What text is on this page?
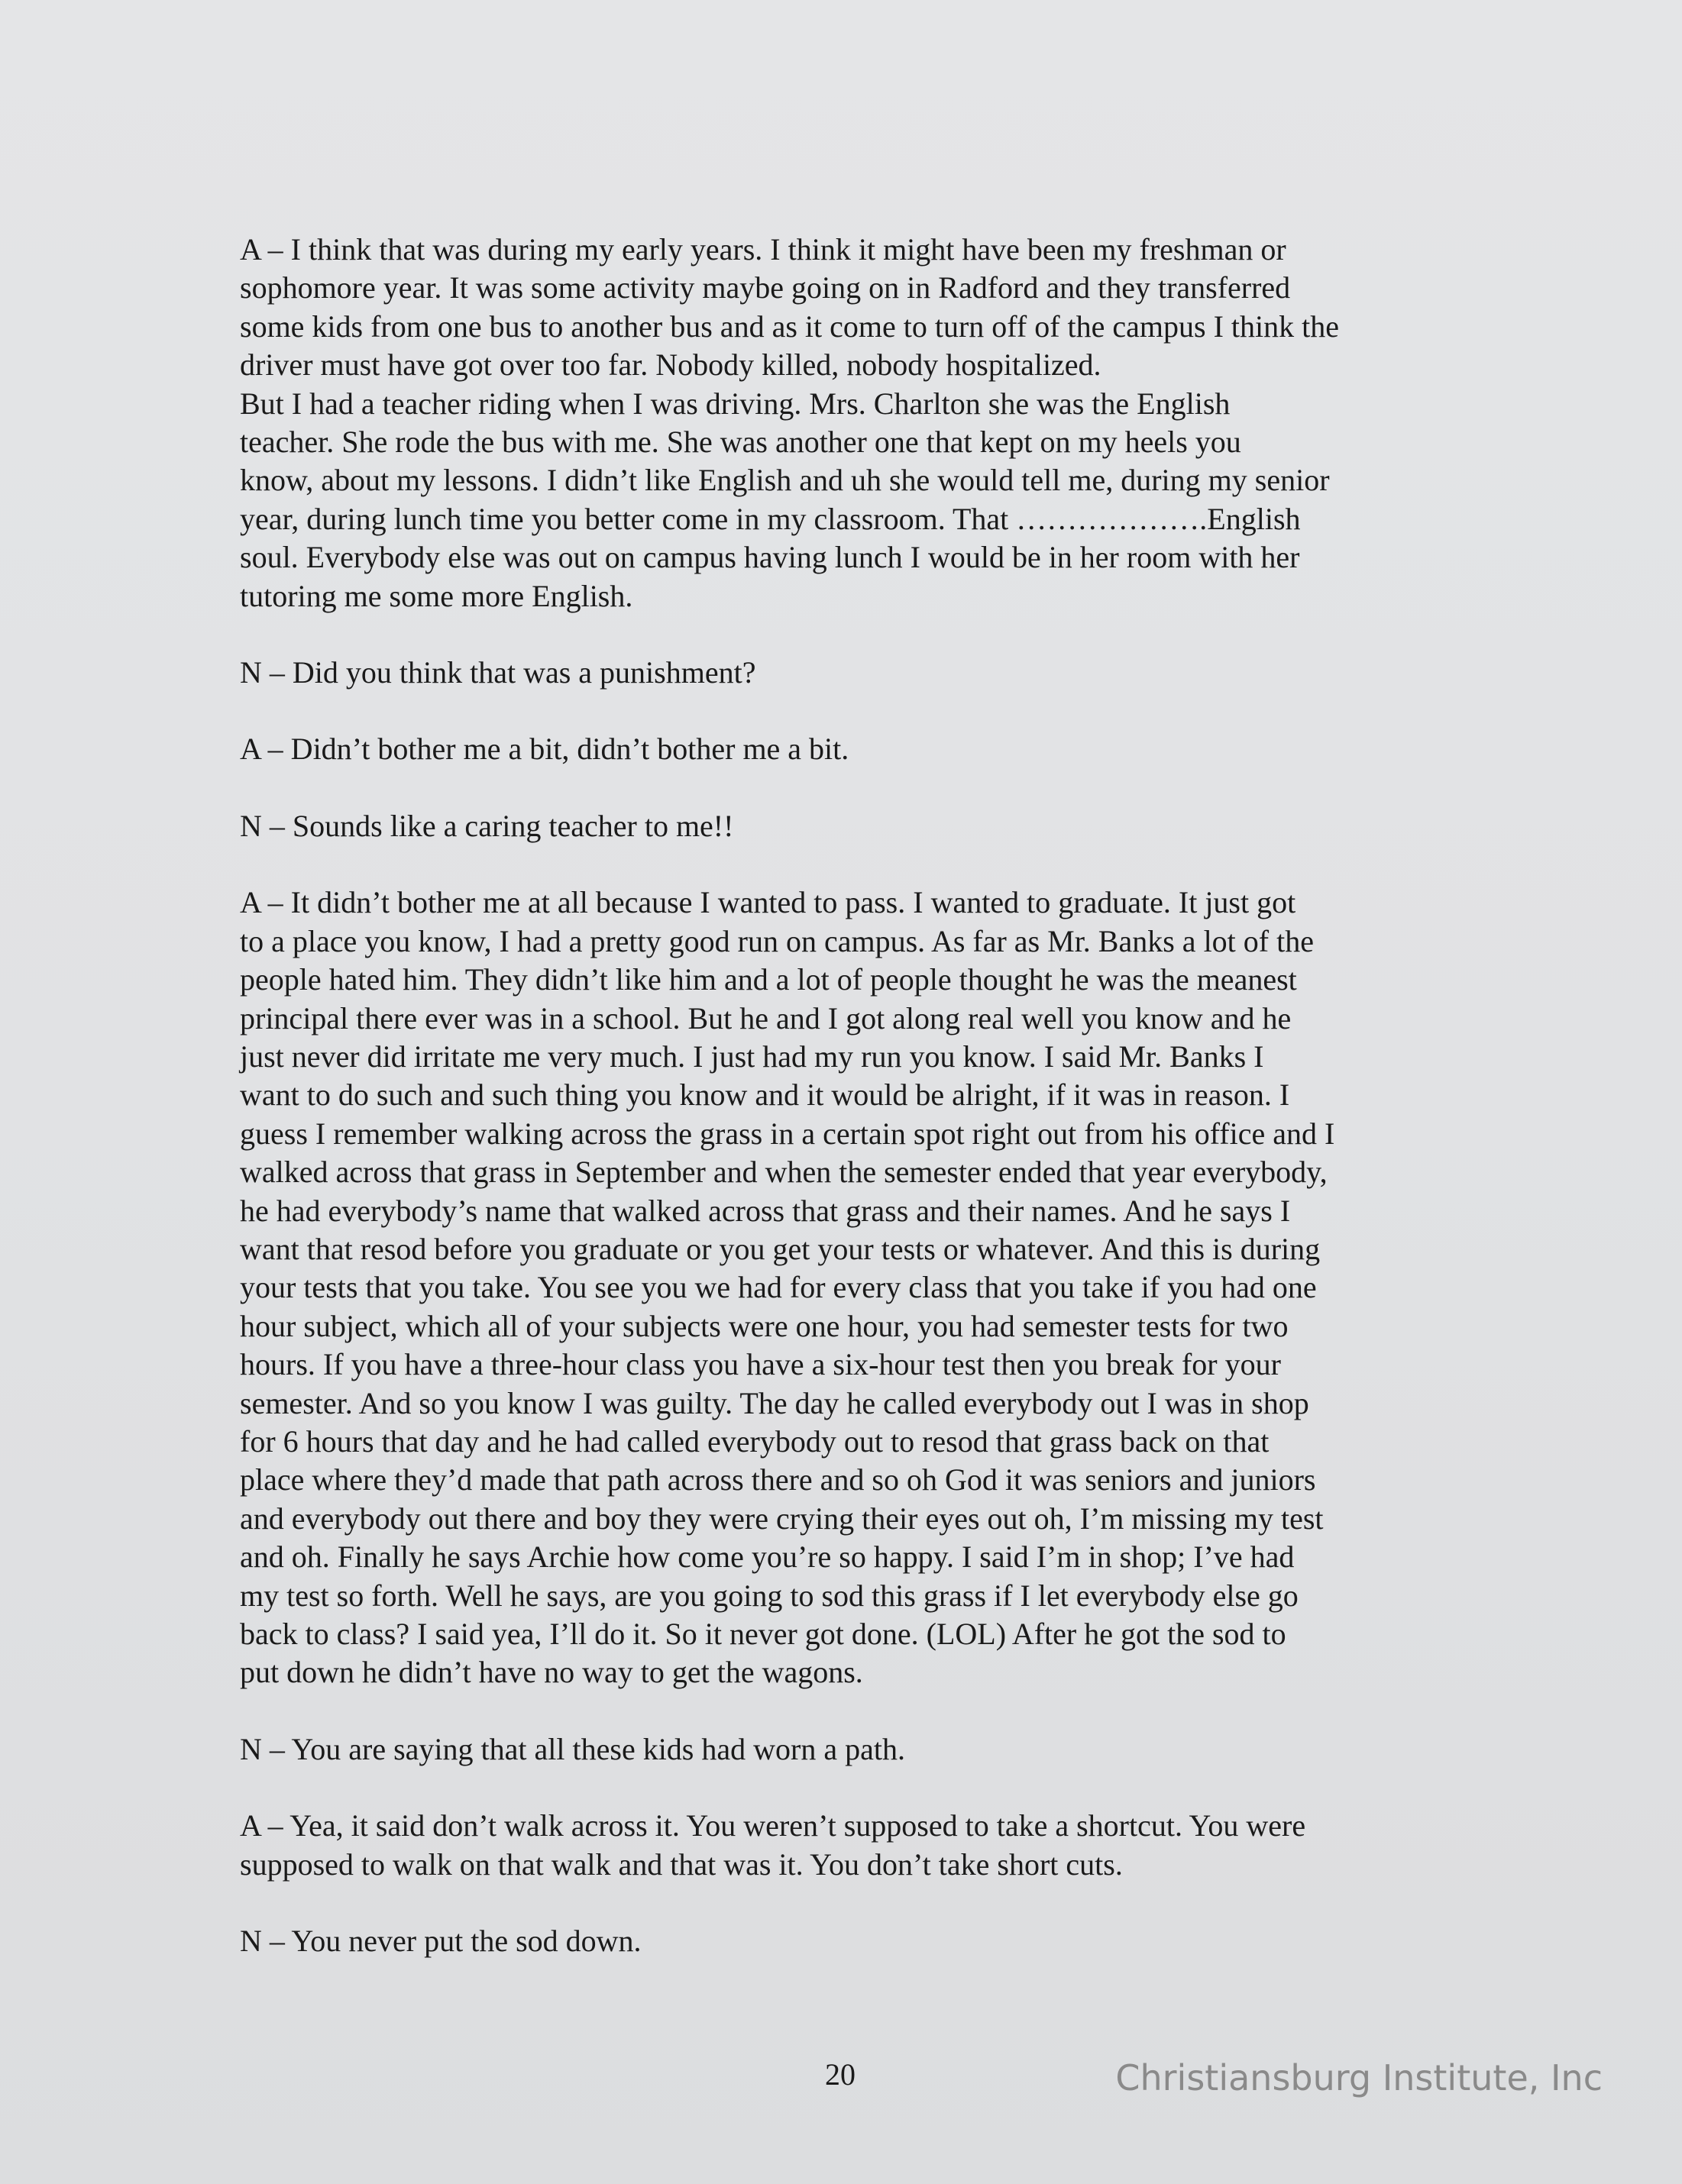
A – I think that was during my early years. I think it might have been my freshman or
sophomore year. It was some activity maybe going on in Radford and they transferred
some kids from one bus to another bus and as it come to turn off of the campus I think the
driver must have got over too far. Nobody killed, nobody hospitalized.
But I had a teacher riding when I was driving. Mrs. Charlton she was the English
teacher. She rode the bus with me. She was another one that kept on my heels you
know, about my lessons. I didn’t like English and uh she would tell me, during my senior
year, during lunch time you better come in my classroom. That ……………….English
soul. Everybody else was out on campus having lunch I would be in her room with her
tutoring me some more English.

N – Did you think that was a punishment?

A – Didn’t bother me a bit, didn’t bother me a bit.

N – Sounds like a caring teacher to me!!

A – It didn’t bother me at all because I wanted to pass. I wanted to graduate. It just got
to a place you know, I had a pretty good run on campus. As far as Mr. Banks a lot of the
people hated him. They didn’t like him and a lot of people thought he was the meanest
principal there ever was in a school. But he and I got along real well you know and he
just never did irritate me very much. I just had my run you know. I said Mr. Banks I
want to do such and such thing you know and it would be alright, if it was in reason. I
guess I remember walking across the grass in a certain spot right out from his office and I
walked across that grass in September and when the semester ended that year everybody,
he had everybody’s name that walked across that grass and their names. And he says I
want that resod before you graduate or you get your tests or whatever. And this is during
your tests that you take. You see you we had for every class that you take if you had one
hour subject, which all of your subjects were one hour, you had semester tests for two
hours. If you have a three-hour class you have a six-hour test then you break for your
semester. And so you know I was guilty. The day he called everybody out I was in shop
for 6 hours that day and he had called everybody out to resod that grass back on that
place where they’d made that path across there and so oh God it was seniors and juniors
and everybody out there and boy they were crying their eyes out oh, I’m missing my test
and oh. Finally he says Archie how come you’re so happy. I said I’m in shop; I’ve had
my test so forth. Well he says, are you going to sod this grass if I let everybody else go
back to class? I said yea, I’ll do it. So it never got done. (LOL) After he got the sod to
put down he didn’t have no way to get the wagons.

N – You are saying that all these kids had worn a path.

A – Yea, it said don’t walk across it. You weren’t supposed to take a shortcut. You were
supposed to walk on that walk and that was it. You don’t take short cuts.

N – You never put the sod down.

20	Christiansburg Institute, Inc
